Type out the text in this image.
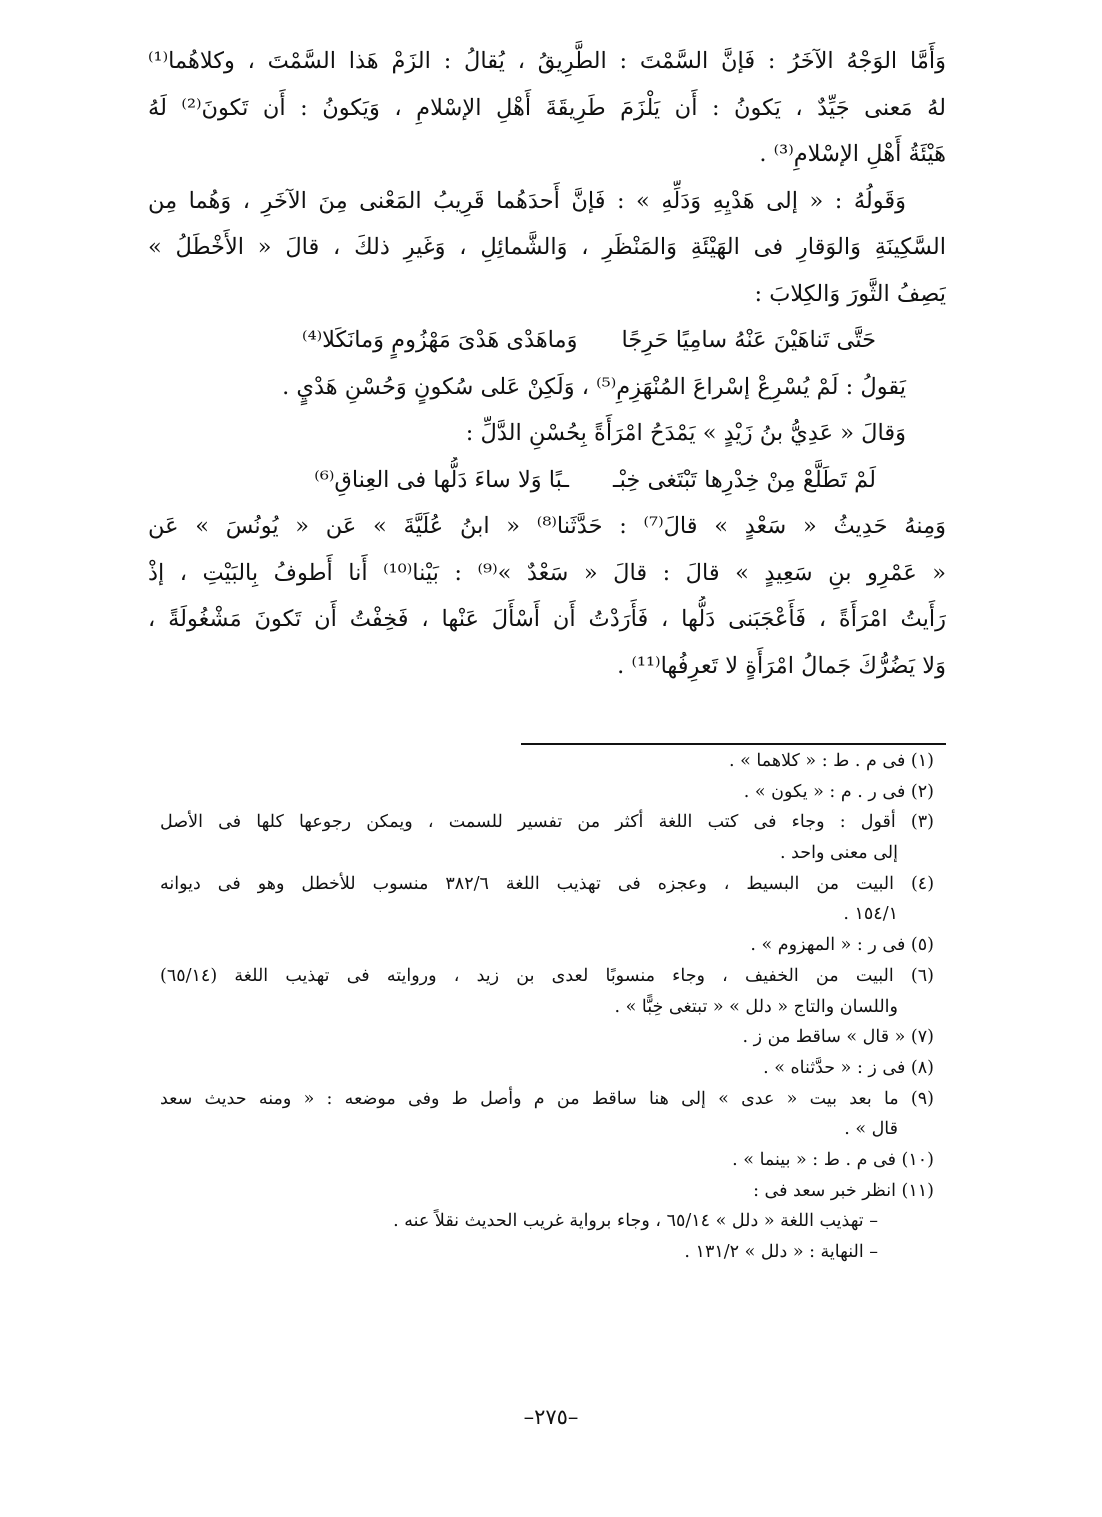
وَأَمَّا الوَجْهُ الآخَرُ : فَإنَّ السَّمْتَ : الطَّرِيقُ ، يُقالُ : الزَمْ هَذا السَّمْتَ ، وكلاهُما⁽¹⁾
لهُ مَعنى جَيِّدٌ ، يَكونُ : أَن يَلْزَمَ طَرِيقَةَ أَهْلِ الإسْلامِ ، وَيَكونُ : أَن تَكونَ⁽²⁾ لَهُ
هَيْئَةُ أَهْلِ الإسْلامِ⁽³⁾ .
وَقَولُهُ : « إلى هَدْيِهِ وَدَلِّهِ » : فَإنَّ أَحدَهُما قَرِيبُ المَعْنى مِنَ الآخَرِ ، وَهُما مِن
السَّكِينَةِ وَالوَقارِ فى الهَيْئَةِ وَالمَنْظَرِ ، وَالشَّمائِلِ ، وَغَيرِ ذلكَ ، قالَ « الأَخْطَلُ »
يَصِفُ الثَّورَ وَالكِلابَ :
حَتَّى تَناهَيْنَ عَنْهُ سامِيًا حَرِجًا
وَماهَدْى هَدْىَ مَهْزُومٍ وَمانَكَلا⁽⁴⁾
يَقولُ : لَمْ يُسْرِعْ إسْراعَ المُنْهَزِمِ⁽⁵⁾ ، وَلَكِنْ عَلى سُكونٍ وَحُسْنِ هَدْيٍ .
وَقالَ « عَدِيُّ بنُ زَيْدٍ » يَمْدَحُ امْرَأَةً بِحُسْنِ الدَّلِّ :
لَمْ تَطَلَّعْ مِنْ خِدْرِها تَبْتَغى خِبْـ
ـبًا وَلا ساءَ دَلُّها فى العِناقِ⁽⁶⁾
وَمِنهُ حَدِيثُ « سَعْدٍ » قالَ⁽⁷⁾ : حَدَّثَنا⁽⁸⁾ « ابنُ عُلَيَّةَ » عَن « يُونُسَ » عَن
« عَمْرِو بنِ سَعِيدٍ » قالَ : قالَ « سَعْدٌ »⁽⁹⁾ : بَيْنا⁽¹⁰⁾ أَنا أَطوفُ بِالبَيْتِ ، إذْ
رَأَيتُ امْرَأَةً ، فَأَعْجَبَنى دَلُّها ، فَأَرَدْتُ أَن أَسْأَلَ عَنْها ، فَخِفْتُ أَن تَكونَ مَشْغُولَةً ،
وَلا يَضُرُّكَ جَمالُ امْرَأَةٍ لا تَعرِفُها⁽¹¹⁾ .
(١) فى م . ط : « كلاهما » .
(٢) فى ر . م : « يكون » .
(٣) أقول : وجاء فى كتب اللغة أكثر من تفسير للسمت ، ويمكن رجوعها كلها فى الأصل
إلى معنى واحد .
(٤) البيت من البسيط ، وعجزه فى تهذيب اللغة ٣٨٢/٦ منسوب للأخطل وهو فى ديوانه
١٥٤/١ .
(٥) فى ر : « المهزوم » .
(٦) البيت من الخفيف ، وجاء منسوبًا لعدى بن زيد ، وروايته فى تهذيب اللغة (٦٥/١٤)
واللسان والتاج « دلل » « تبتغى خِبًّا » .
(٧) « قال » ساقط من ز .
(٨) فى ز : « حدَّثناه » .
(٩) ما بعد بيت « عدى » إلى هنا ساقط من م وأصل ط وفى موضعه : « ومنه حديث سعد
قال » .
(١٠) فى م . ط : « بينما » .
(١١) انظر خبر سعد فى :
– تهذيب اللغة « دلل » ٦٥/١٤ ، وجاء برواية غريب الحديث نقلاً عنه .
– النهاية : « دلل » ١٣١/٢ .
–٢٧٥–
